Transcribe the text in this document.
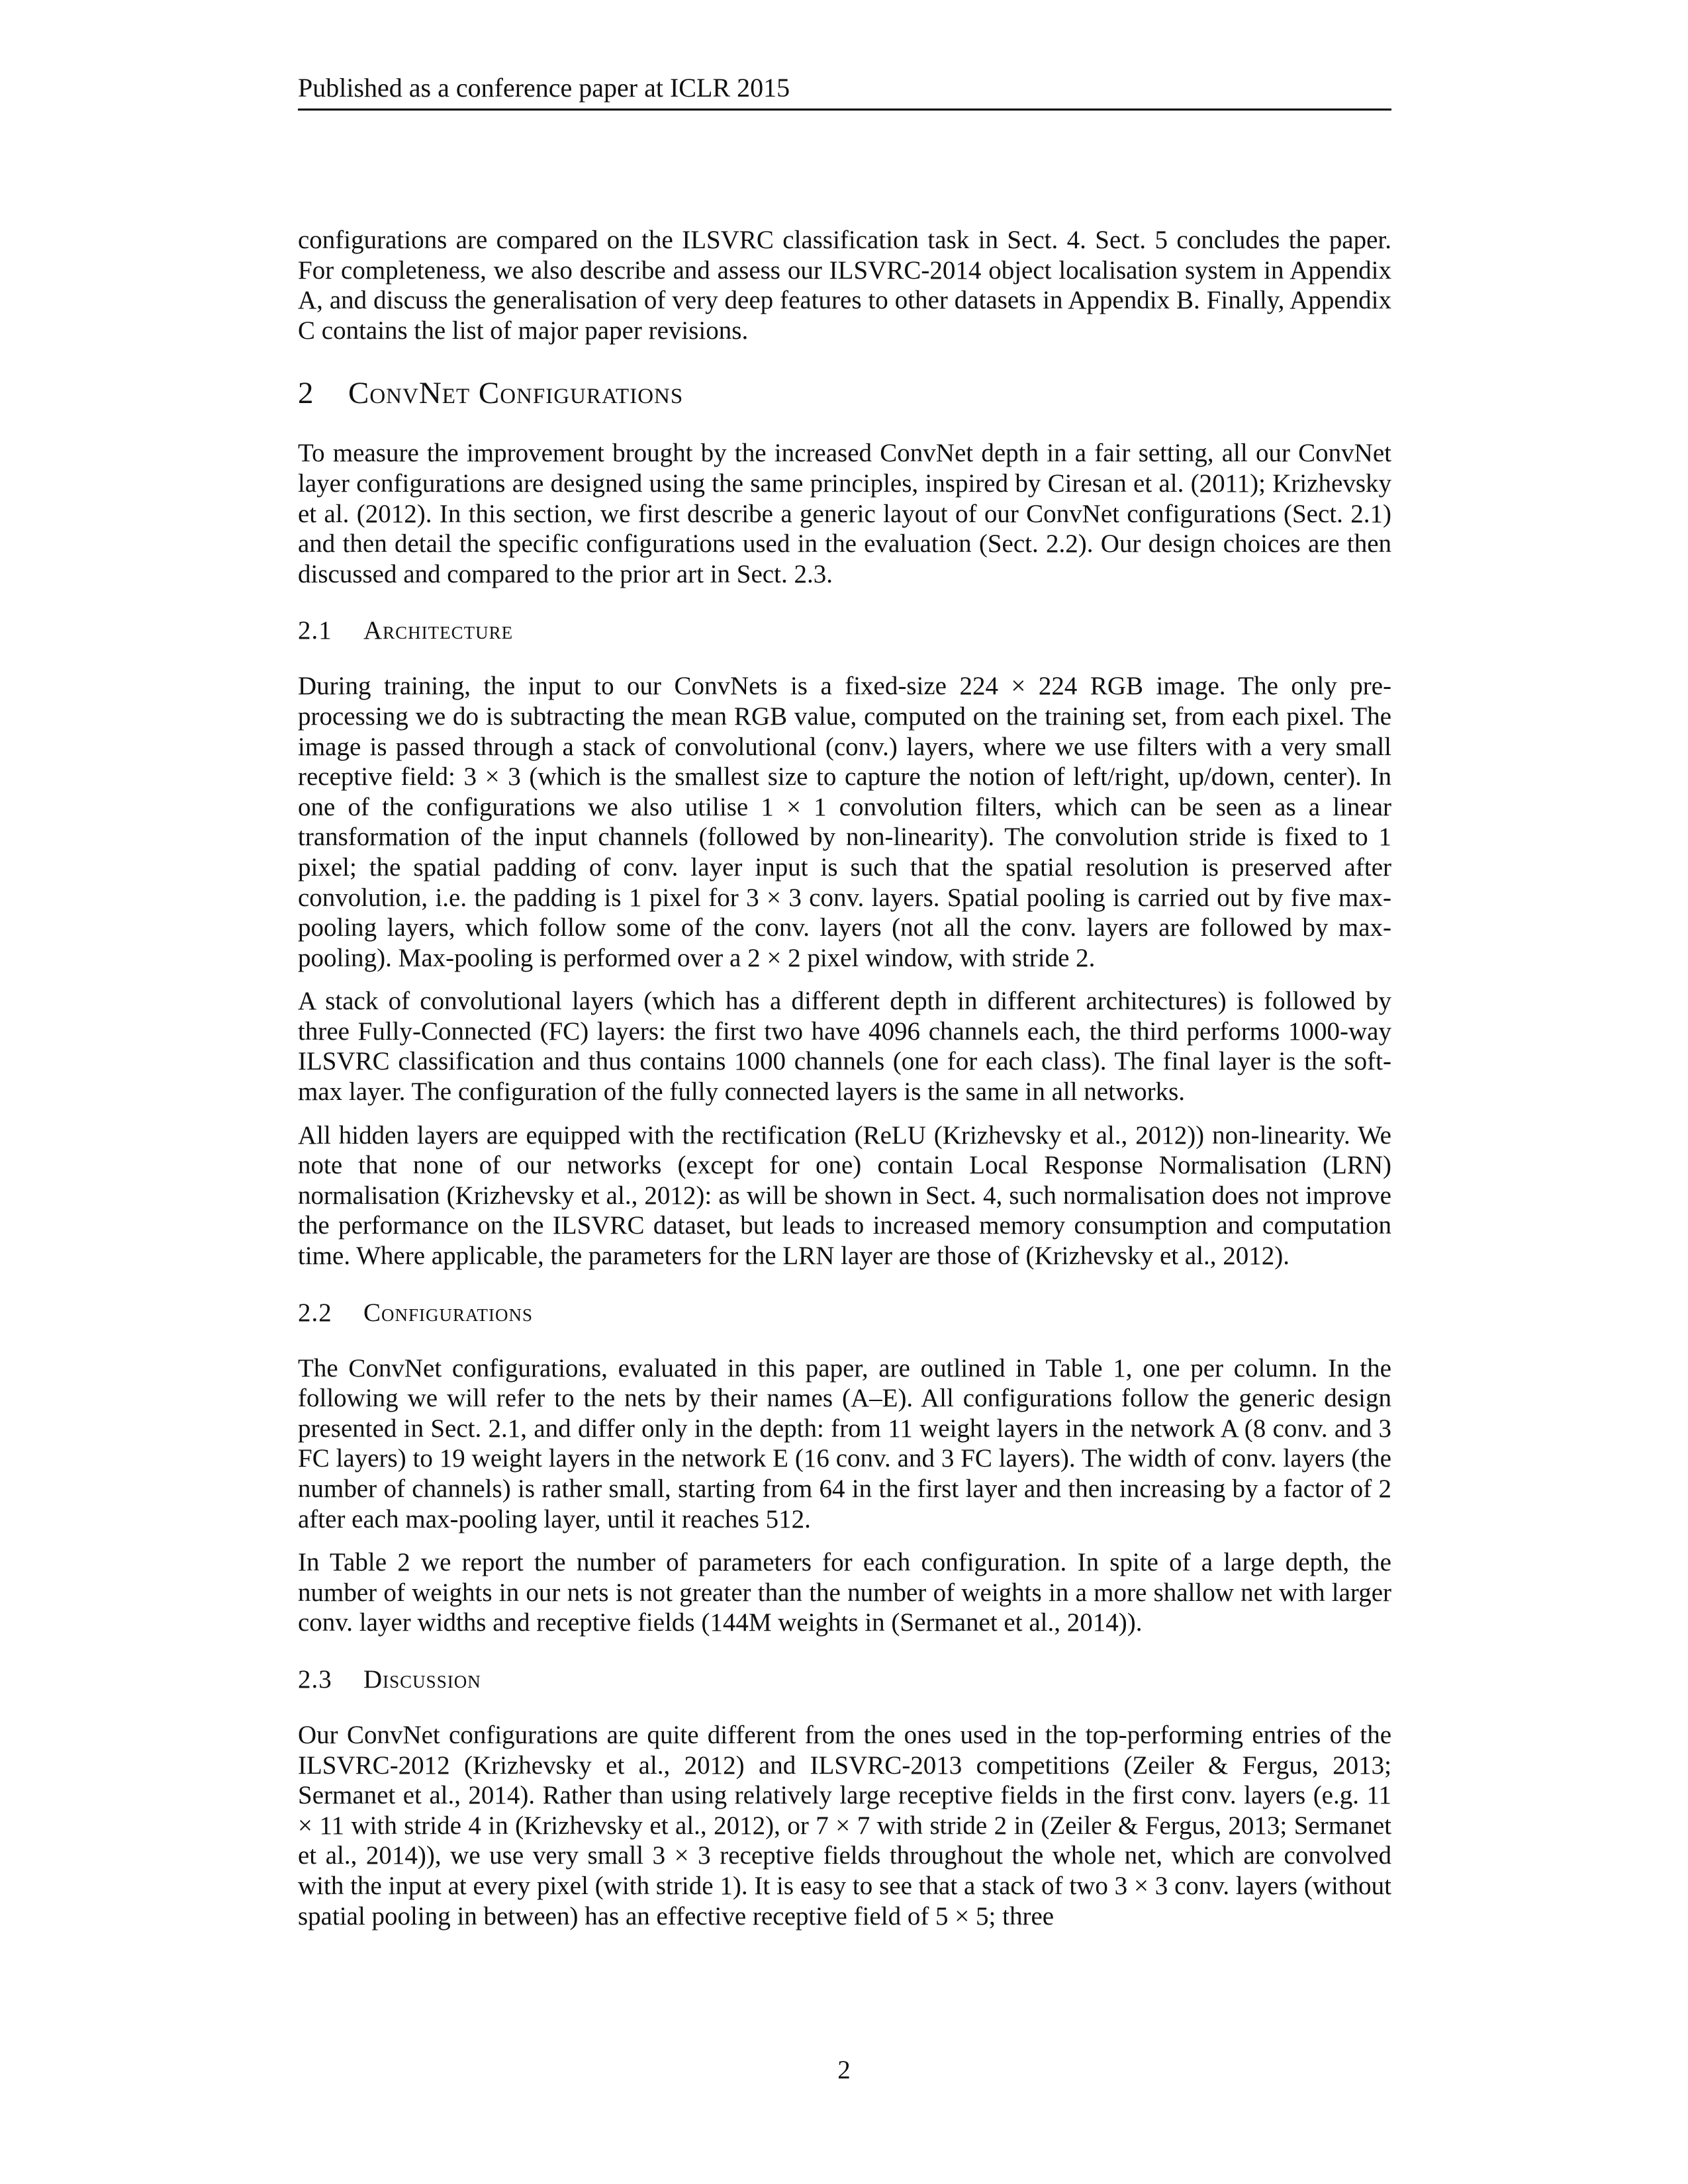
Published as a conference paper at ICLR 2015

configurations are compared on the ILSVRC classification task in Sect. 4. Sect. 5 concludes the paper. For completeness, we also describe and assess our ILSVRC-2014 object localisation system in Appendix A, and discuss the generalisation of very deep features to other datasets in Appendix B. Finally, Appendix C contains the list of major paper revisions.

2 ConvNet Configurations

To measure the improvement brought by the increased ConvNet depth in a fair setting, all our ConvNet layer configurations are designed using the same principles, inspired by Ciresan et al. (2011); Krizhevsky et al. (2012). In this section, we first describe a generic layout of our ConvNet configurations (Sect. 2.1) and then detail the specific configurations used in the evaluation (Sect. 2.2). Our design choices are then discussed and compared to the prior art in Sect. 2.3.

2.1 Architecture

During training, the input to our ConvNets is a fixed-size 224 × 224 RGB image. The only pre-processing we do is subtracting the mean RGB value, computed on the training set, from each pixel. The image is passed through a stack of convolutional (conv.) layers, where we use filters with a very small receptive field: 3 × 3 (which is the smallest size to capture the notion of left/right, up/down, center). In one of the configurations we also utilise 1 × 1 convolution filters, which can be seen as a linear transformation of the input channels (followed by non-linearity). The convolution stride is fixed to 1 pixel; the spatial padding of conv. layer input is such that the spatial resolution is preserved after convolution, i.e. the padding is 1 pixel for 3 × 3 conv. layers. Spatial pooling is carried out by five max-pooling layers, which follow some of the conv. layers (not all the conv. layers are followed by max-pooling). Max-pooling is performed over a 2 × 2 pixel window, with stride 2.

A stack of convolutional layers (which has a different depth in different architectures) is followed by three Fully-Connected (FC) layers: the first two have 4096 channels each, the third performs 1000-way ILSVRC classification and thus contains 1000 channels (one for each class). The final layer is the soft-max layer. The configuration of the fully connected layers is the same in all networks.

All hidden layers are equipped with the rectification (ReLU (Krizhevsky et al., 2012)) non-linearity. We note that none of our networks (except for one) contain Local Response Normalisation (LRN) normalisation (Krizhevsky et al., 2012): as will be shown in Sect. 4, such normalisation does not improve the performance on the ILSVRC dataset, but leads to increased memory consumption and computation time. Where applicable, the parameters for the LRN layer are those of (Krizhevsky et al., 2012).

2.2 Configurations

The ConvNet configurations, evaluated in this paper, are outlined in Table 1, one per column. In the following we will refer to the nets by their names (A–E). All configurations follow the generic design presented in Sect. 2.1, and differ only in the depth: from 11 weight layers in the network A (8 conv. and 3 FC layers) to 19 weight layers in the network E (16 conv. and 3 FC layers). The width of conv. layers (the number of channels) is rather small, starting from 64 in the first layer and then increasing by a factor of 2 after each max-pooling layer, until it reaches 512.

In Table 2 we report the number of parameters for each configuration. In spite of a large depth, the number of weights in our nets is not greater than the number of weights in a more shallow net with larger conv. layer widths and receptive fields (144M weights in (Sermanet et al., 2014)).

2.3 Discussion

Our ConvNet configurations are quite different from the ones used in the top-performing entries of the ILSVRC-2012 (Krizhevsky et al., 2012) and ILSVRC-2013 competitions (Zeiler & Fergus, 2013; Sermanet et al., 2014). Rather than using relatively large receptive fields in the first conv. layers (e.g. 11 × 11 with stride 4 in (Krizhevsky et al., 2012), or 7 × 7 with stride 2 in (Zeiler & Fergus, 2013; Sermanet et al., 2014)), we use very small 3 × 3 receptive fields throughout the whole net, which are convolved with the input at every pixel (with stride 1). It is easy to see that a stack of two 3 × 3 conv. layers (without spatial pooling in between) has an effective receptive field of 5 × 5; three

2
